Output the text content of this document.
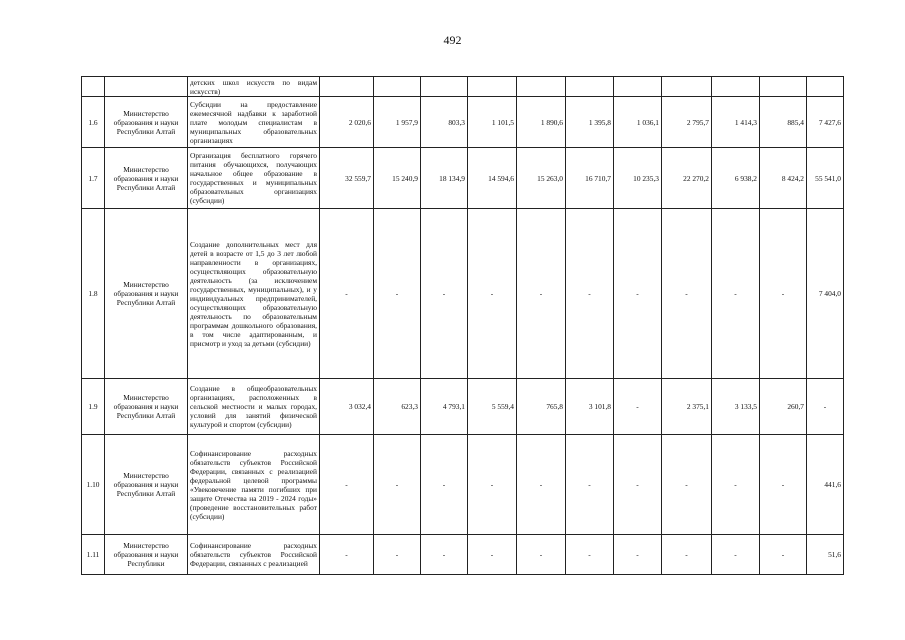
492
		детских школ искусств по видам искусств)											
1.6	Министерство образования и науки Республики Алтай	Субсидии на предоставление ежемесячной надбавки к заработной плате молодым специалистам в муниципальных образовательных организациях	2 020,6	1 957,9	803,3	1 101,5	1 890,6	1 395,8	1 036,1	2 795,7	1 414,3	885,4	7 427,6
1.7	Министерство образования и науки Республики Алтай	Организация бесплатного горячего питания обучающихся, получающих начальное общее образование в государственных и муниципальных образовательных организациях (субсидии)	32 559,7	15 240,9	18 134,9	14 594,6	15 263,0	16 710,7	10 235,3	22 270,2	6 938,2	8 424,2	55 541,0
1.8	Министерство образования и науки Республики Алтай	Создание дополнительных мест для детей в возрасте от 1,5 до 3 лет любой направленности в организациях, осуществляющих образовательную деятельность (за исключением государственных, муниципальных), и у индивидуальных предпринимателей, осуществляющих образовательную деятельность по образовательным программам дошкольного образования, в том числе адаптированным, и присмотр и уход за детьми (субсидии)	-	-	-	-	-	-	-	-	-	-	7 404,0
1.9	Министерство образования и науки Республики Алтай	Создание в общеобразовательных организациях, расположенных в сельской местности и малых городах, условий для занятий физической культурой и спортом (субсидии)	3 032,4	623,3	4 793,1	5 559,4	765,8	3 101,8	-	2 375,1	3 133,5	260,7	-
1.10	Министерство образования и науки Республики Алтай	Софинансирование расходных обязательств субъектов Российской Федерации, связанных с реализацией федеральной целевой программы «Увековечение памяти погибших при защите Отечества на 2019 - 2024 годы» (проведение восстановительных работ (субсидии)	-	-	-	-	-	-	-	-	-	-	441,6
1.11	Министерство образования и науки Республики	Софинансирование расходных обязательств субъектов Российской Федерации, связанных с реализацией	-	-	-	-	-	-	-	-	-	-	51,6
